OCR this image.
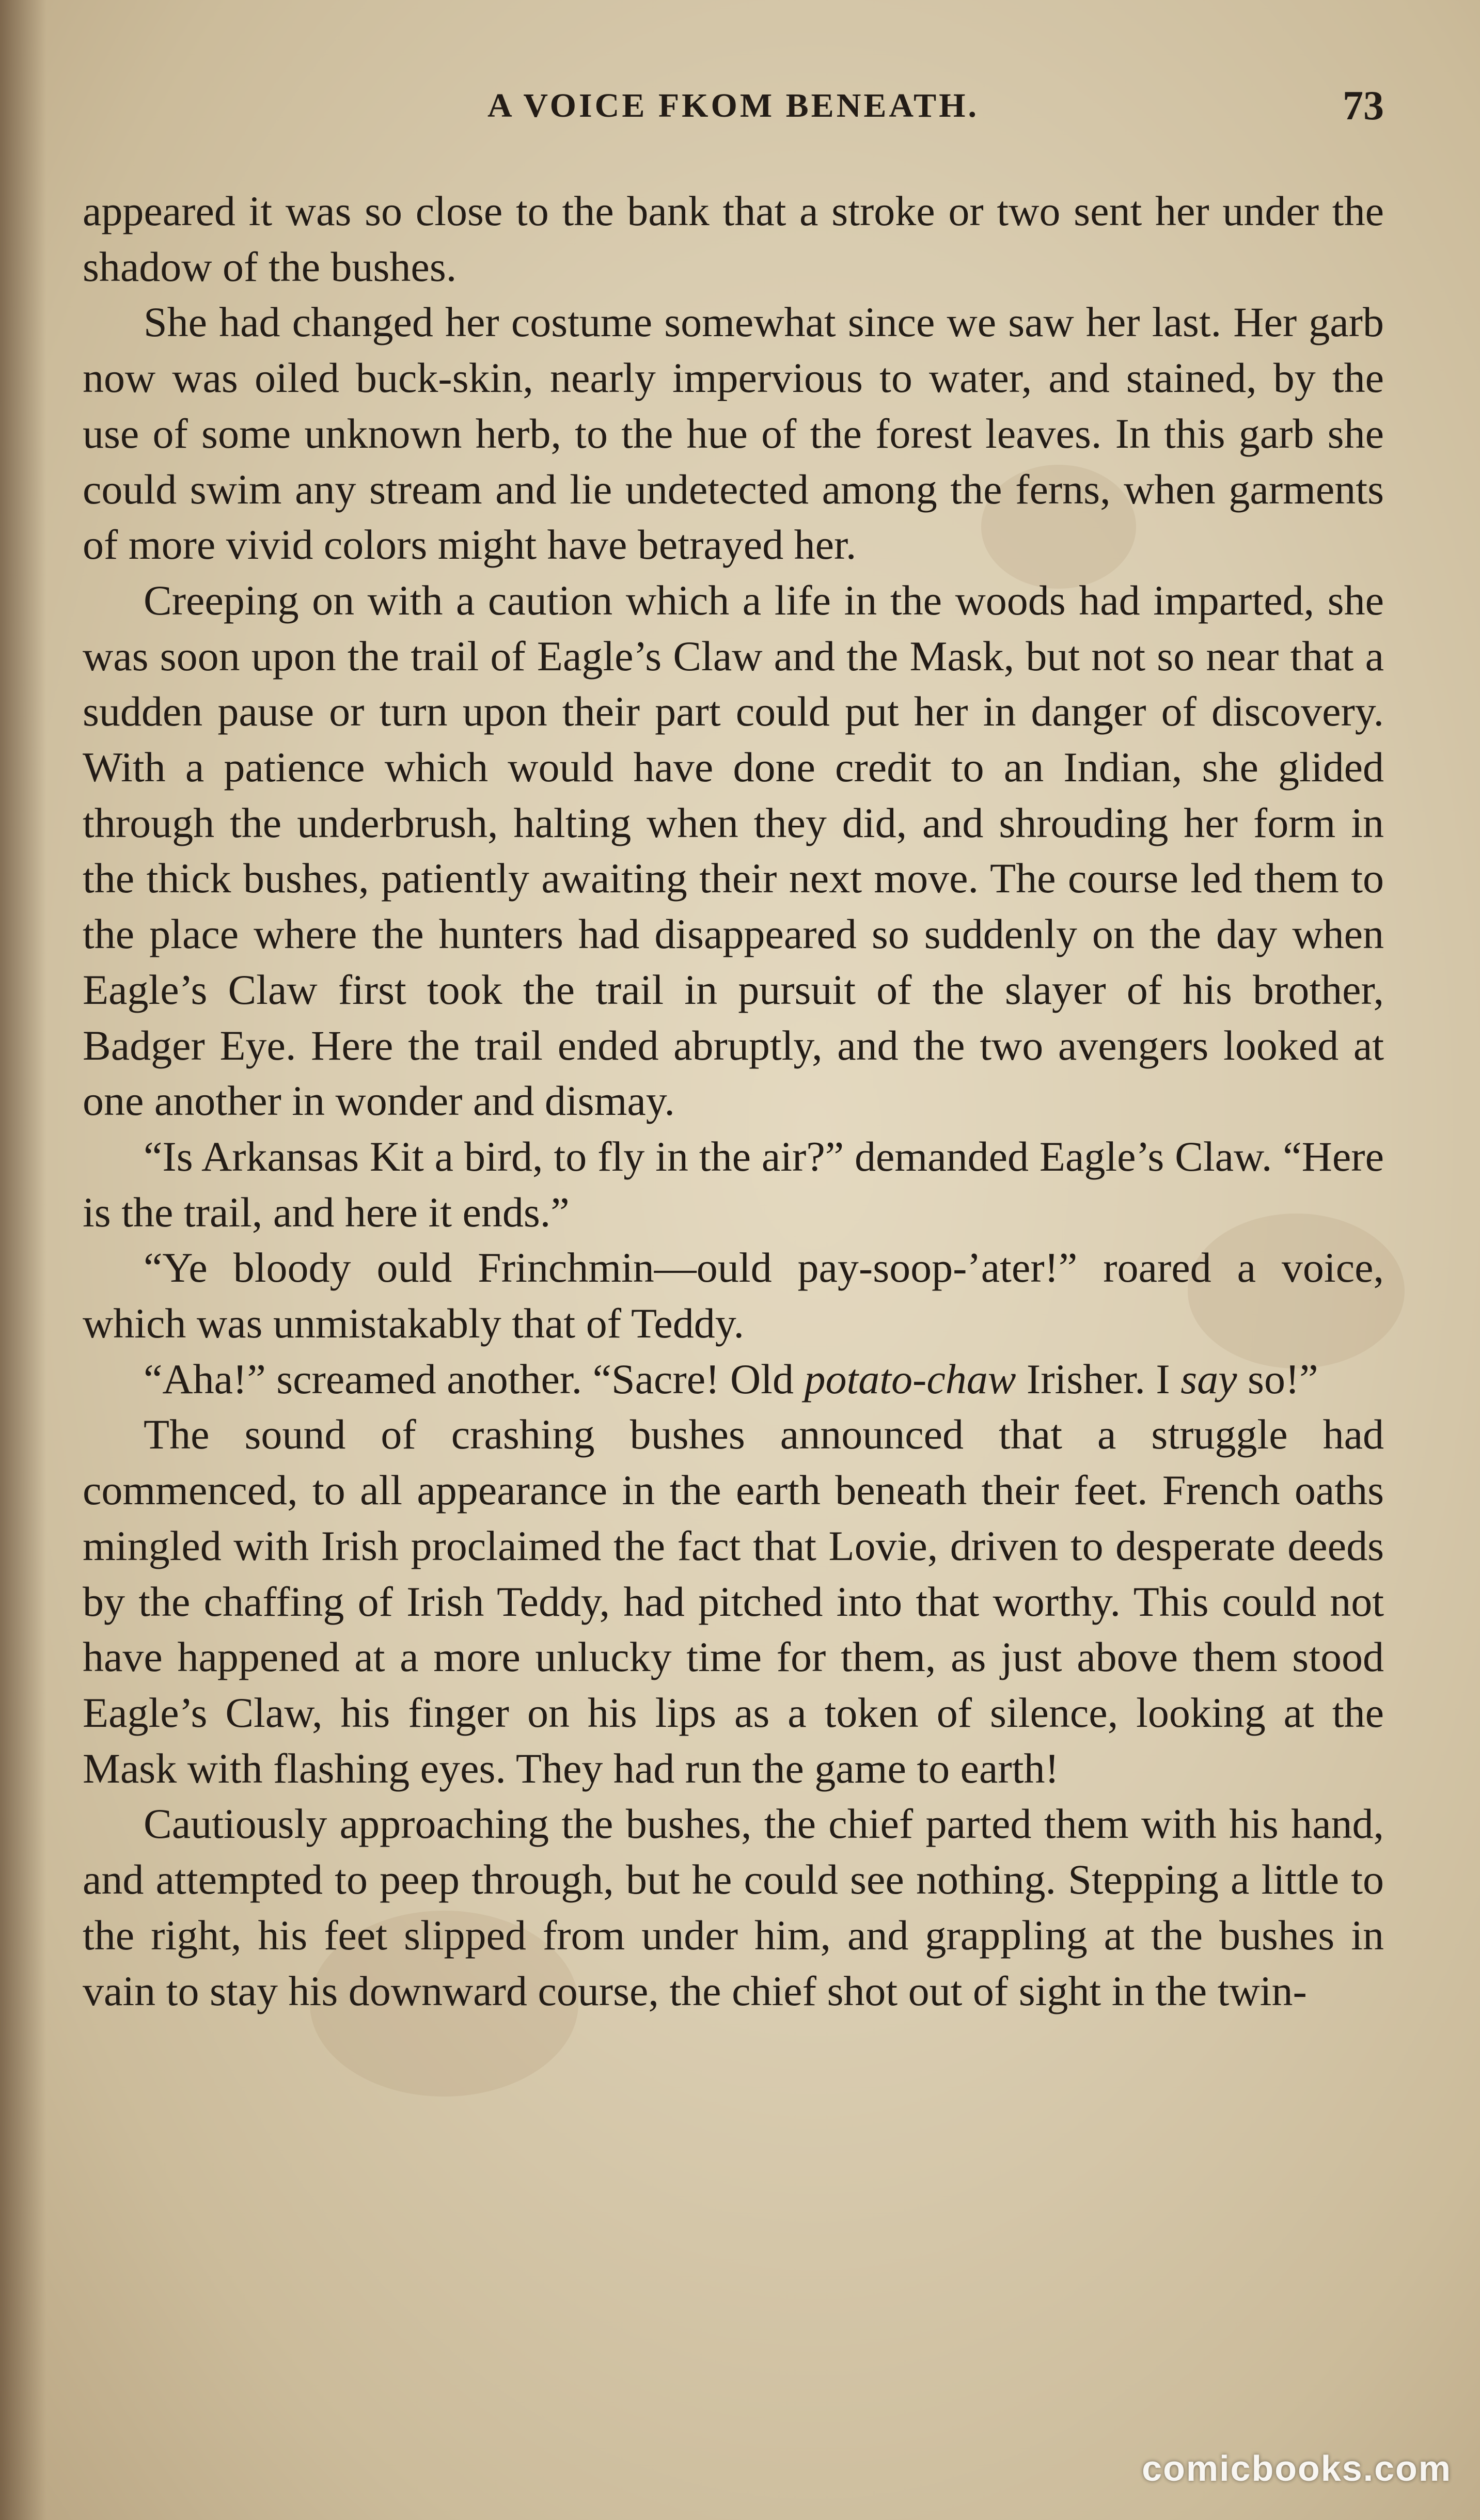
A VOICE FKOM BENEATH.	73

appeared it was so close to the bank that a stroke or two sent her under the shadow of the bushes.

She had changed her costume somewhat since we saw her last. Her garb now was oiled buck-skin, nearly impervious to water, and stained, by the use of some unknown herb, to the hue of the forest leaves. In this garb she could swim any stream and lie undetected among the ferns, when garments of more vivid colors might have betrayed her.

Creeping on with a caution which a life in the woods had imparted, she was soon upon the trail of Eagle’s Claw and the Mask, but not so near that a sudden pause or turn upon their part could put her in danger of discovery. With a patience which would have done credit to an Indian, she glided through the underbrush, halting when they did, and shrouding her form in the thick bushes, patiently awaiting their next move. The course led them to the place where the hunters had disappeared so suddenly on the day when Eagle’s Claw first took the trail in pursuit of the slayer of his brother, Badger Eye. Here the trail ended abruptly, and the two avengers looked at one another in wonder and dismay.

“Is Arkansas Kit a bird, to fly in the air?” demanded Eagle’s Claw. “Here is the trail, and here it ends.”

“Ye bloody ould Frinchmin—ould pay-soop-’ater!” roared a voice, which was unmistakably that of Teddy.

“Aha!” screamed another. “Sacre! Old potato-chaw Irisher. I say so!”

The sound of crashing bushes announced that a struggle had commenced, to all appearance in the earth beneath their feet. French oaths mingled with Irish proclaimed the fact that Lovie, driven to desperate deeds by the chaffing of Irish Teddy, had pitched into that worthy. This could not have happened at a more unlucky time for them, as just above them stood Eagle’s Claw, his finger on his lips as a token of silence, looking at the Mask with flashing eyes. They had run the game to earth!

Cautiously approaching the bushes, the chief parted them with his hand, and attempted to peep through, but he could see nothing. Stepping a little to the right, his feet slipped from under him, and grappling at the bushes in vain to stay his downward course, the chief shot out of sight in the twin-

comicbooks.com
